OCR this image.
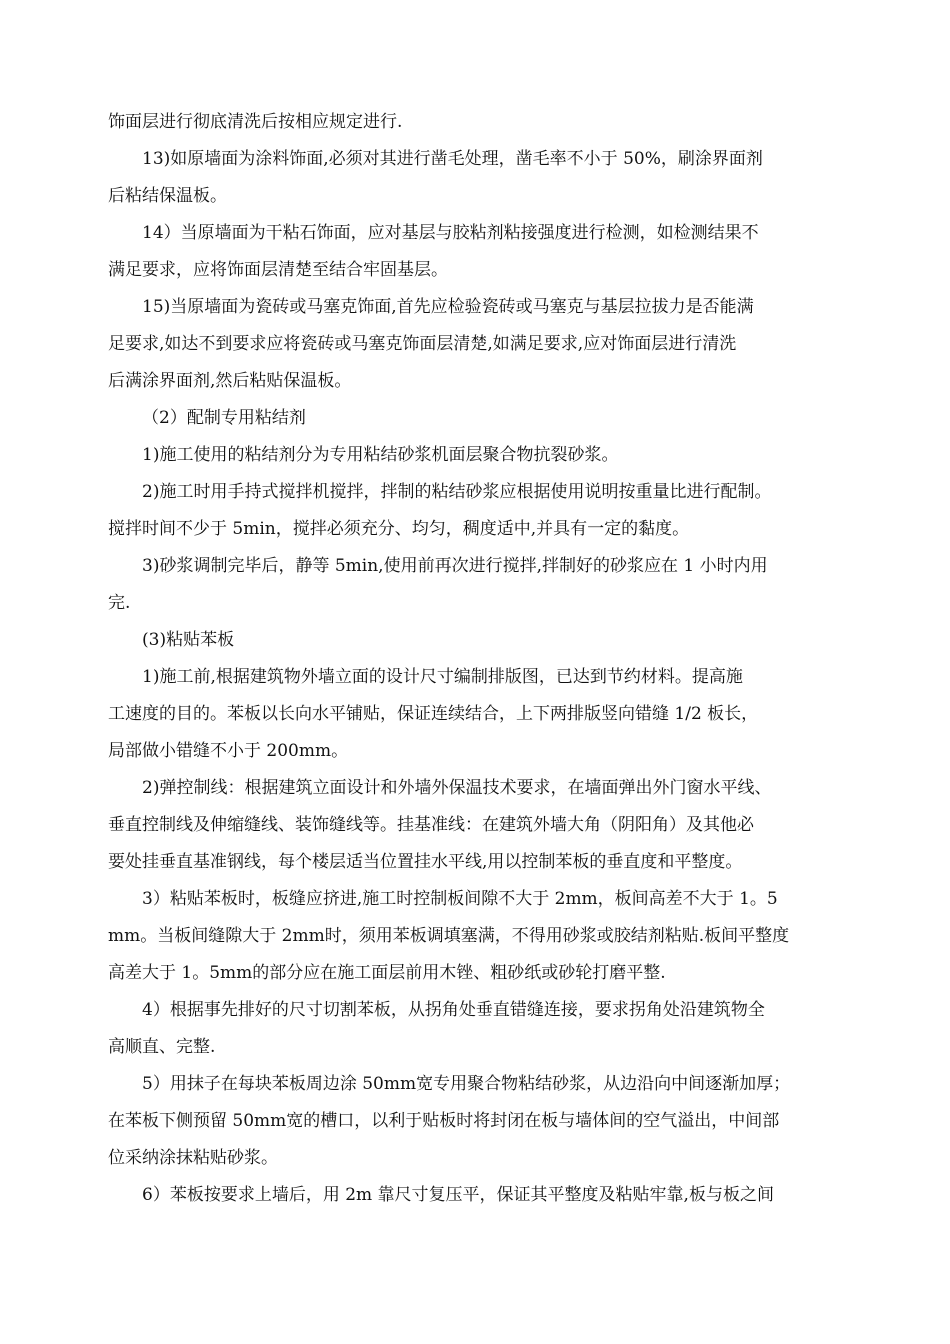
饰面层进行彻底清洗后按相应规定进行.
13)如原墙面为涂料饰面,必须对其进行凿毛处理，凿毛率不小于 50%，刷涂界面剂
后粘结保温板。
14）当原墙面为干粘石饰面，应对基层与胶粘剂粘接强度进行检测，如检测结果不
满足要求，应将饰面层清楚至结合牢固基层。
15)当原墙面为瓷砖或马塞克饰面,首先应检验瓷砖或马塞克与基层拉拔力是否能满
足要求,如达不到要求应将瓷砖或马塞克饰面层清楚,如满足要求,应对饰面层进行清洗
后满涂界面剂,然后粘贴保温板。
（2）配制专用粘结剂
1)施工使用的粘结剂分为专用粘结砂浆机面层聚合物抗裂砂浆。
2)施工时用手持式搅拌机搅拌，拌制的粘结砂浆应根据使用说明按重量比进行配制。
搅拌时间不少于 5min，搅拌必须充分、均匀，稠度适中,并具有一定的黏度。
3)砂浆调制完毕后，静等 5min,使用前再次进行搅拌,拌制好的砂浆应在 1 小时内用
完.
(3)粘贴苯板
1)施工前,根据建筑物外墙立面的设计尺寸编制排版图，已达到节约材料。提高施
工速度的目的。苯板以长向水平铺贴，保证连续结合，上下两排版竖向错缝 1/2 板长，
局部做小错缝不小于 200mm。
2)弹控制线：根据建筑立面设计和外墙外保温技术要求，在墙面弹出外门窗水平线、
垂直控制线及伸缩缝线、装饰缝线等。挂基准线：在建筑外墙大角（阴阳角）及其他必
要处挂垂直基准钢线，每个楼层适当位置挂水平线,用以控制苯板的垂直度和平整度。
3）粘贴苯板时，板缝应挤进,施工时控制板间隙不大于 2mm，板间高差不大于 1。5
mm。当板间缝隙大于 2mm时，须用苯板调填塞满，不得用砂浆或胶结剂粘贴.板间平整度
高差大于 1。5mm的部分应在施工面层前用木锉、粗砂纸或砂轮打磨平整.
4）根据事先排好的尺寸切割苯板，从拐角处垂直错缝连接，要求拐角处沿建筑物全
高顺直、完整.
5）用抹子在每块苯板周边涂 50mm宽专用聚合物粘结砂浆，从边沿向中间逐渐加厚；
在苯板下侧预留 50mm宽的槽口，以利于贴板时将封闭在板与墙体间的空气溢出，中间部
位采纳涂抹粘贴砂浆。
6）苯板按要求上墙后，用 2m 靠尺寸复压平，保证其平整度及粘贴牢靠,板与板之间
